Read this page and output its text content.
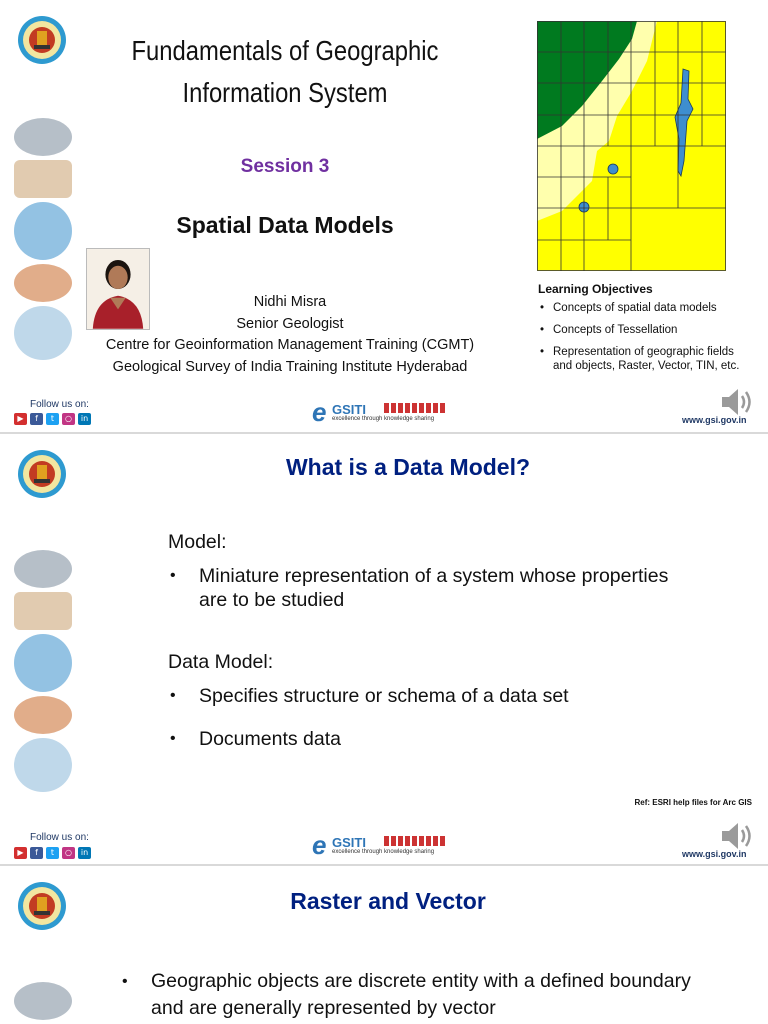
Fundamentals of Geographic
Information System
Session 3
Spatial Data Models
Nidhi Misra
Senior Geologist
Centre for Geoinformation Management Training (CGMT)
Geological Survey of India Training Institute Hyderabad
Learning Objectives
• Concepts of spatial data models
• Concepts of Tessellation
• Representation of geographic fields and objects, Raster, Vector, TIN, etc.
Follow us on:
▶	f	t	○	in	e GSITI
excellence through knowledge sharing	www.gsi.gov.in
What is a Data Model?
Model:
• Miniature representation of a system whose properties are to be studied
Data Model:
• Specifies structure or schema of a data set
• Documents data
Ref: ESRI help files for Arc GIS
Follow us on:
▶	f	t	○	in	e GSITI
excellence through knowledge sharing	www.gsi.gov.in
Raster and Vector
• Geographic objects are discrete entity with a defined boundary and are generally represented by vector
